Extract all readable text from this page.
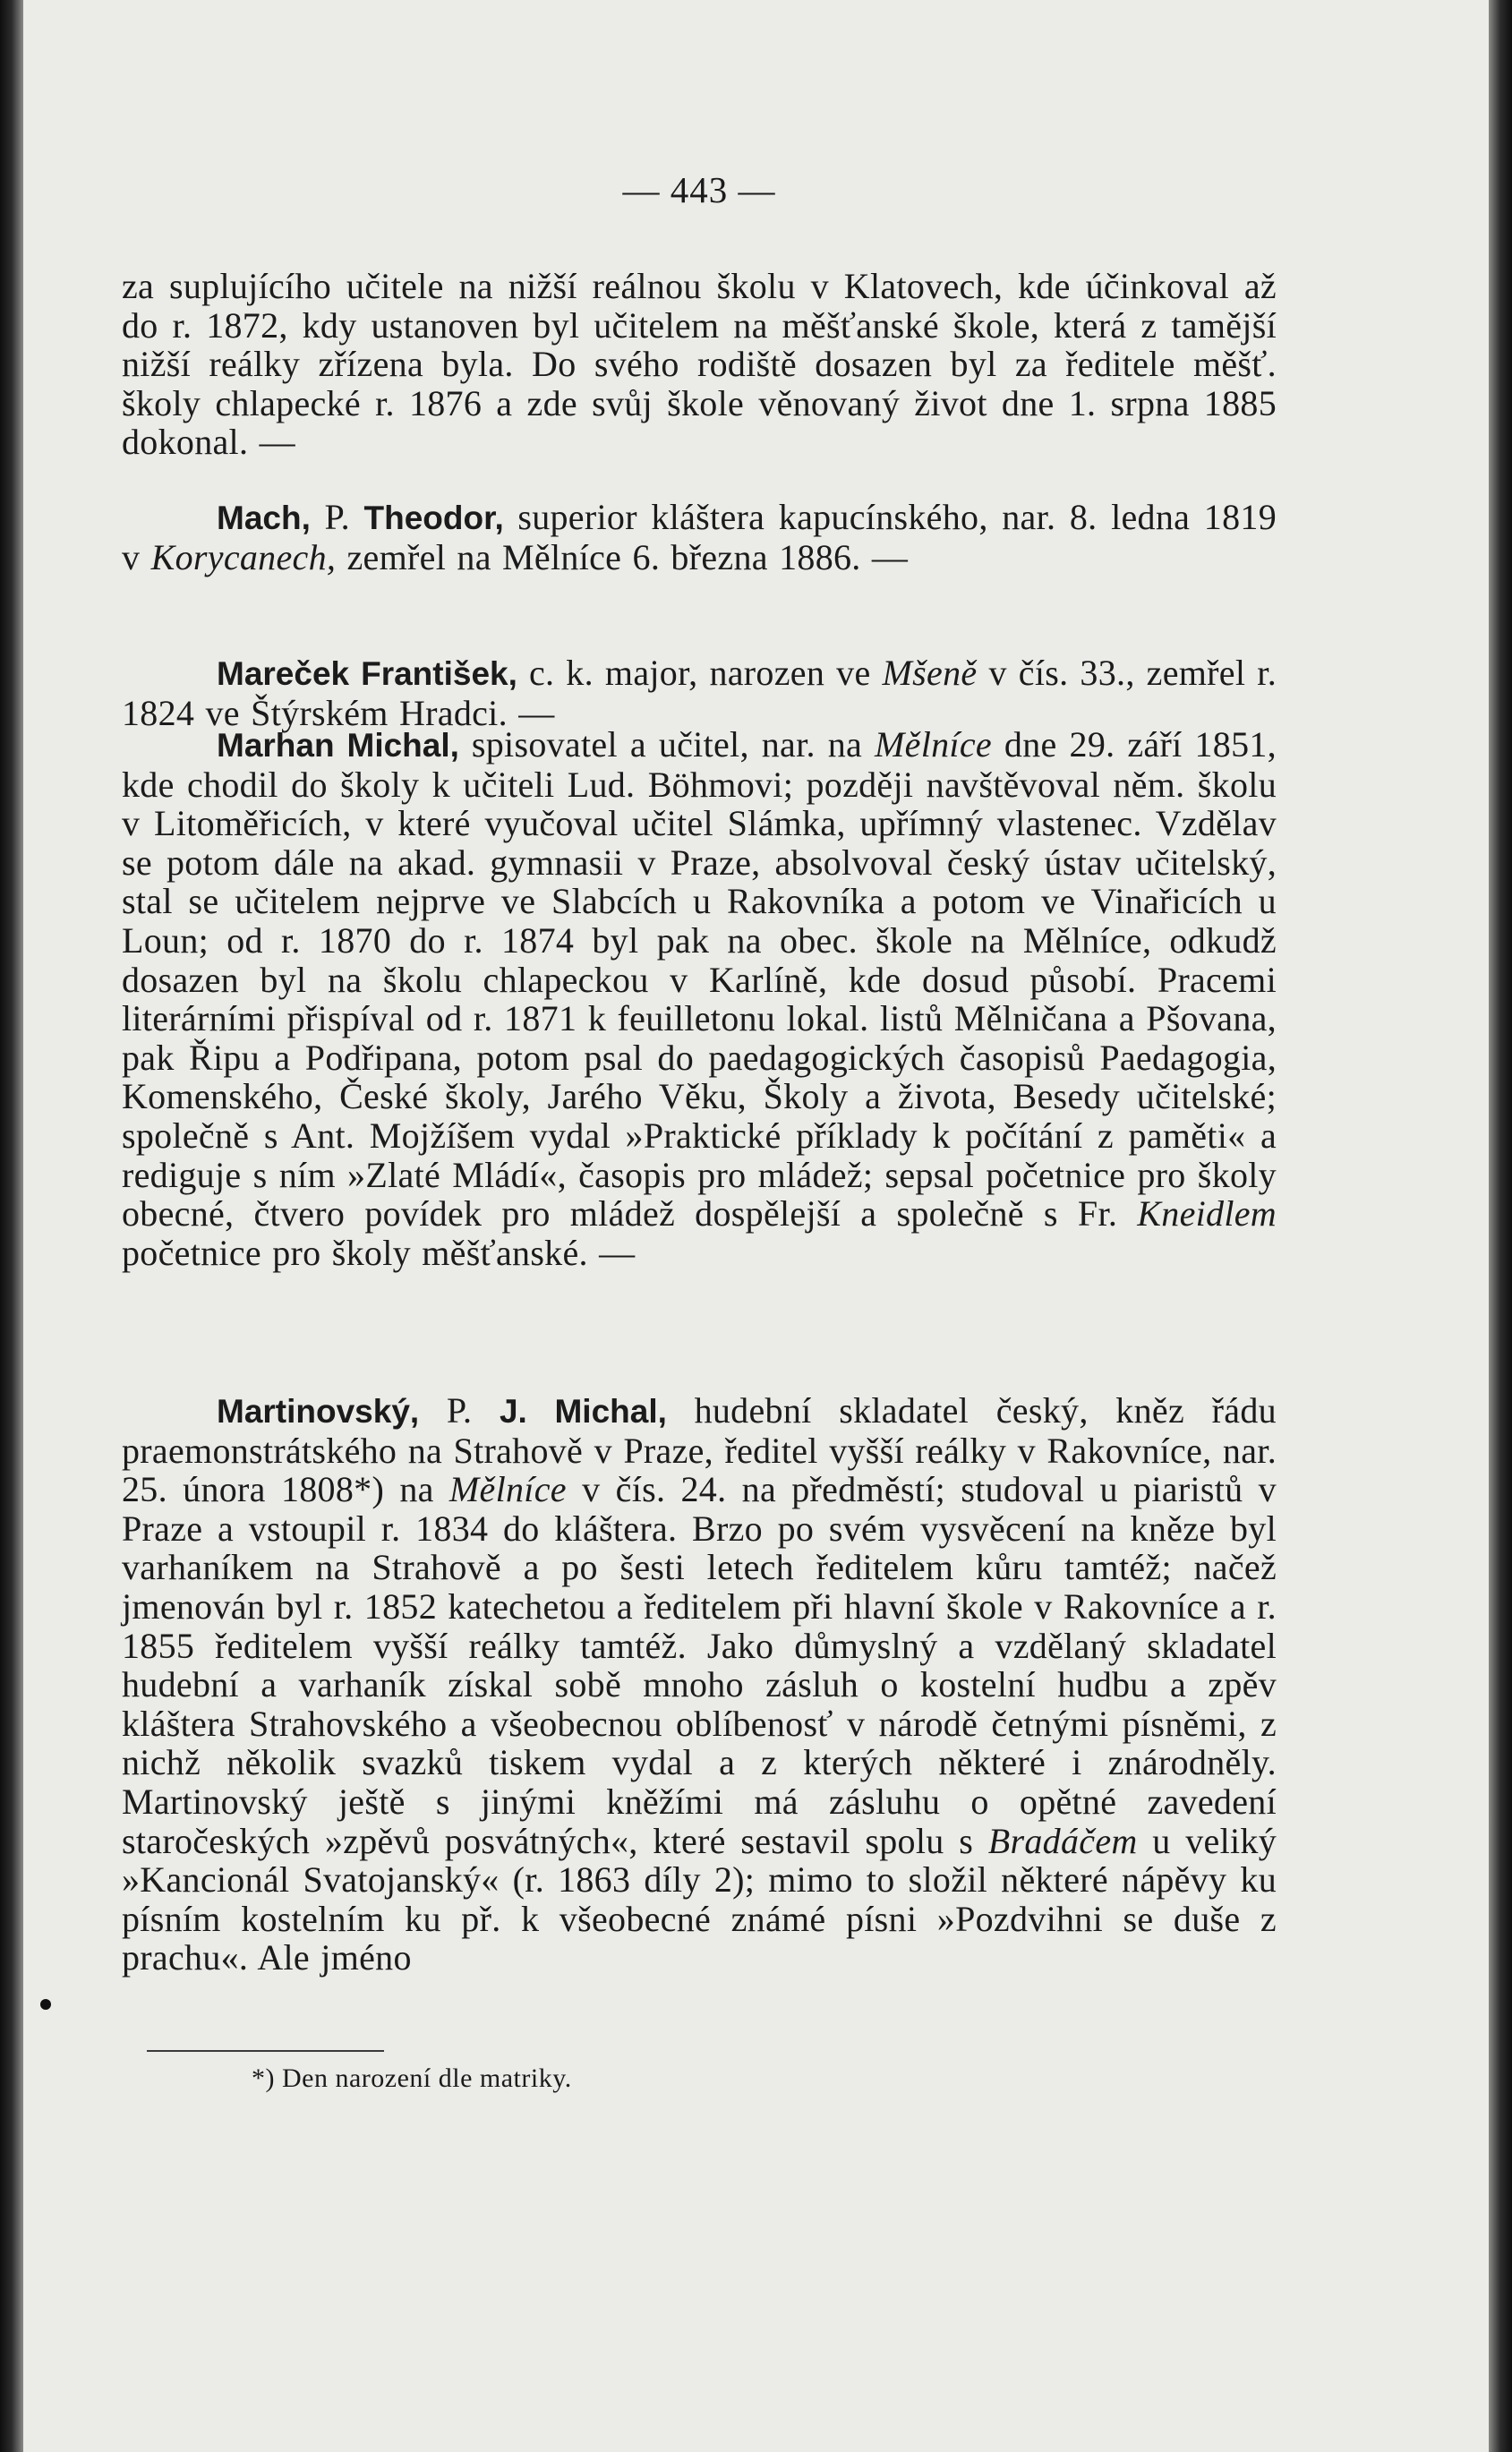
— 443 —

za suplujícího učitele na nižší reálnou školu v Klatovech, kde účinkoval až do r. 1872, kdy ustanoven byl učitelem na měšťanské škole, která z tamější nižší reálky zřízena byla. Do svého rodiště dosazen byl za ředitele měšť. školy chlapecké r. 1876 a zde svůj škole věnovaný život dne 1. srpna 1885 dokonal. —

Mach, P. Theodor, superior kláštera kapucínského, nar. 8. ledna 1819 v Korycanech, zemřel na Mělníce 6. března 1886. —

Mareček František, c. k. major, narozen ve Mšeně v čís. 33., zemřel r. 1824 ve Štýrském Hradci. —

Marhan Michal, spisovatel a učitel, nar. na Mělníce dne 29. září 1851, kde chodil do školy k učiteli Lud. Böhmovi; později navštěvoval něm. školu v Litoměřicích, v které vyučoval učitel Slámka, upřímný vlastenec. Vzdělav se potom dále na akad. gymnasii v Praze, absolvoval český ústav učitelský, stal se učitelem nejprve ve Slabcích u Rakovníka a potom ve Vinařicích u Loun; od r. 1870 do r. 1874 byl pak na obec. škole na Mělníce, odkudž dosazen byl na školu chlapeckou v Karlíně, kde dosud působí. Pracemi literárními přispíval od r. 1871 k feuilletonu lokal. listů Mělničana a Pšovana, pak Řipu a Podřipana, potom psal do paedagogických časopisů Paedagogia, Komenského, České školy, Jarého Věku, Školy a života, Besedy učitelské; společně s Ant. Mojžíšem vydal »Praktické příklady k počítání z paměti« a rediguje s ním »Zlaté Mládí«, časopis pro mládež; sepsal početnice pro školy obecné, čtvero povídek pro mládež dospělejší a společně s Fr. Kneidlem početnice pro školy měšťanské. —

Martinovský, P. J. Michal, hudební skladatel český, kněz řádu praemonstrátského na Strahově v Praze, ředitel vyšší reálky v Rakovníce, nar. 25. února 1808*) na Mělníce v čís. 24. na předměstí; studoval u piaristů v Praze a vstoupil r. 1834 do kláštera. Brzo po svém vysvěcení na kněze byl varhaníkem na Strahově a po šesti letech ředitelem kůru tamtéž; načež jmenován byl r. 1852 katechetou a ředitelem při hlavní škole v Rakovníce a r. 1855 ředitelem vyšší reálky tamtéž. Jako důmyslný a vzdělaný skladatel hudební a varhaník získal sobě mnoho zásluh o kostelní hudbu a zpěv kláštera Strahovského a všeobecnou oblíbenosť v národě četnými písněmi, z nichž několik svazků tiskem vydal a z kterých některé i znárodněly. Martinovský ještě s jinými kněžími má zásluhu o opětné zavedení staročeských »zpěvů posvátných«, které sestavil spolu s Bradáčem u veliký »Kancionál Svatojanský« (r. 1863 díly 2); mimo to složil některé nápěvy ku písním kostelním ku př. k všeobecné známé písni »Pozdvihni se duše z prachu«. Ale jméno

*) Den narození dle matriky.
